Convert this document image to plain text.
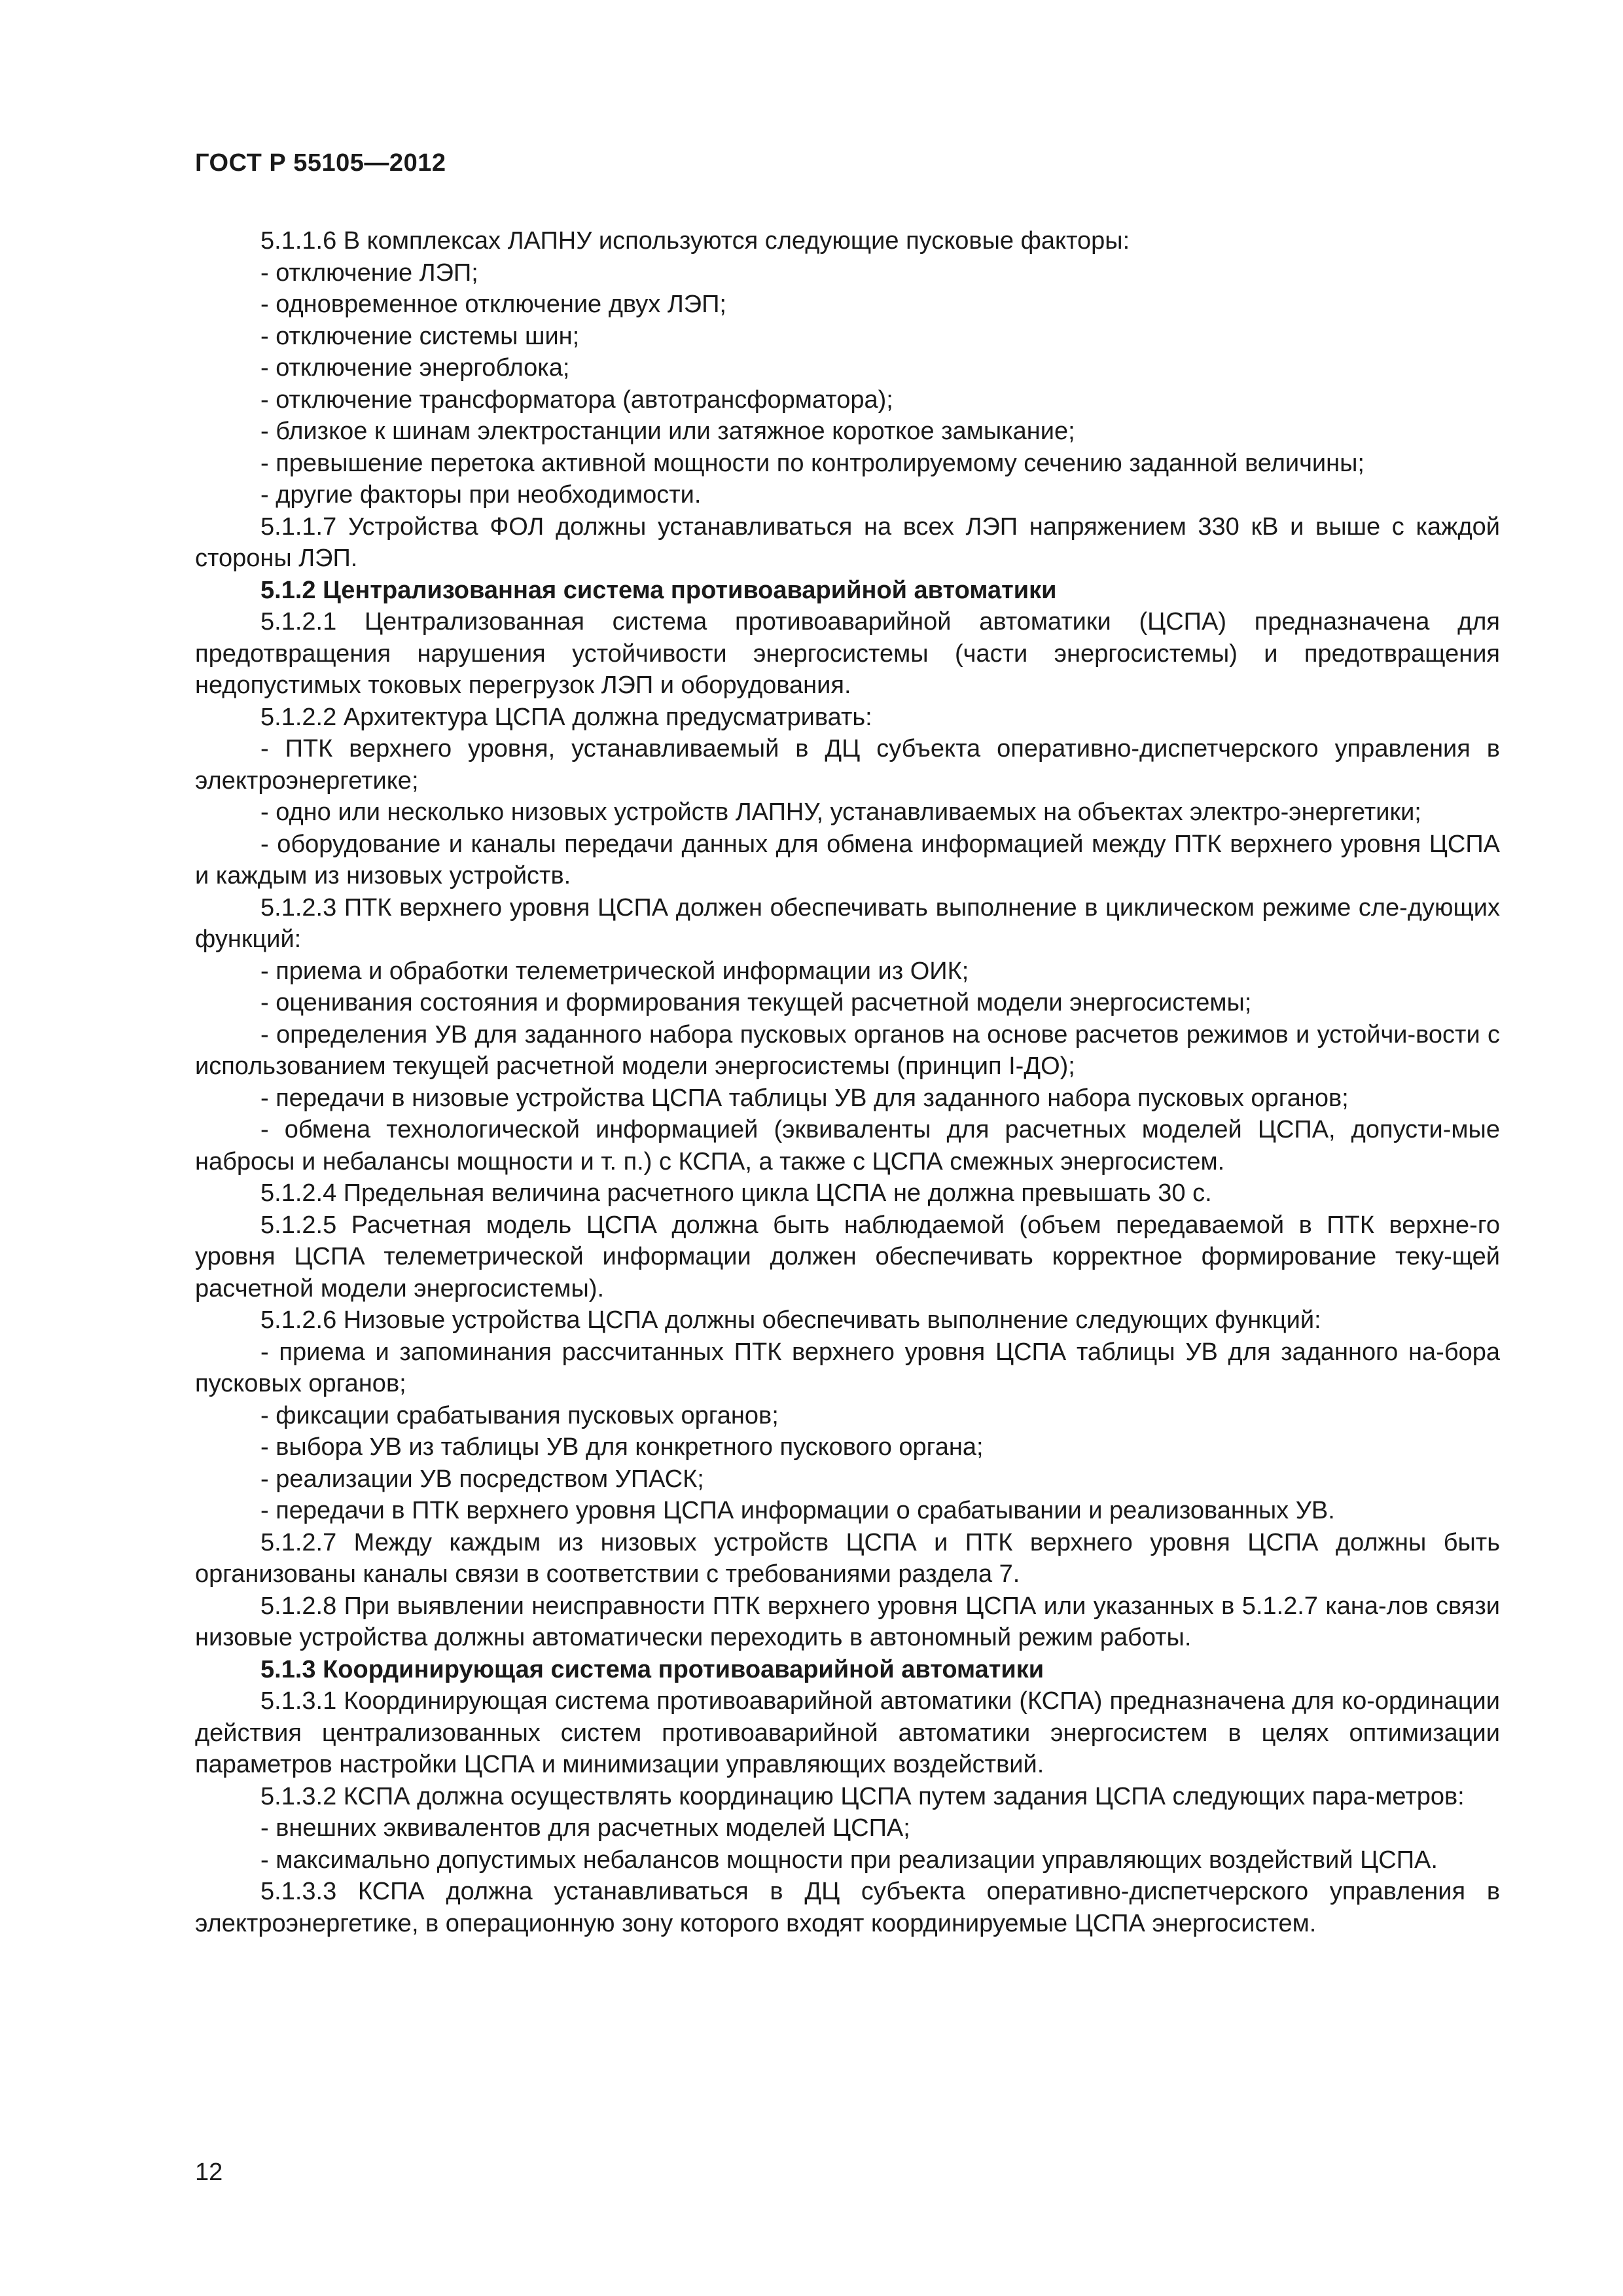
ГОСТ Р 55105—2012

5.1.1.6 В комплексах ЛАПНУ используются следующие пусковые факторы:

- отключение ЛЭП;

- одновременное отключение двух ЛЭП;

- отключение системы шин;

- отключение энергоблока;

- отключение трансформатора (автотрансформатора);

- близкое к шинам электростанции или затяжное короткое замыкание;

- превышение перетока активной мощности по контролируемому сечению заданной величины;

- другие факторы при необходимости.

5.1.1.7 Устройства ФОЛ должны устанавливаться на всех ЛЭП напряжением 330 кВ и выше с каждой стороны ЛЭП.

5.1.2 Централизованная система противоаварийной автоматики

5.1.2.1 Централизованная система противоаварийной автоматики (ЦСПА) предназначена для предотвращения нарушения устойчивости энергосистемы (части энергосистемы) и предотвращения недопустимых токовых перегрузок ЛЭП и оборудования.

5.1.2.2 Архитектура ЦСПА должна предусматривать:

- ПТК верхнего уровня, устанавливаемый в ДЦ субъекта оперативно-диспетчерского управления в электроэнергетике;

- одно или несколько низовых устройств ЛАПНУ, устанавливаемых на объектах электро-энергетики;

- оборудование и каналы передачи данных для обмена информацией между ПТК верхнего уровня ЦСПА и каждым из низовых устройств.

5.1.2.3 ПТК верхнего уровня ЦСПА должен обеспечивать выполнение в циклическом режиме сле-дующих функций:

- приема и обработки телеметрической информации из ОИК;

- оценивания состояния и формирования текущей расчетной модели энергосистемы;

- определения УВ для заданного набора пусковых органов на основе расчетов режимов и устойчи-вости с использованием текущей расчетной модели энергосистемы (принцип I-ДО);

- передачи в низовые устройства ЦСПА таблицы УВ для заданного набора пусковых органов;

- обмена технологической информацией (эквиваленты для расчетных моделей ЦСПА, допусти-мые набросы и небалансы мощности и т. п.) с КСПА, а также с ЦСПА смежных энергосистем.

5.1.2.4 Предельная величина расчетного цикла ЦСПА не должна превышать 30 с.

5.1.2.5 Расчетная модель ЦСПА должна быть наблюдаемой (объем передаваемой в ПТК верхне-го уровня ЦСПА телеметрической информации должен обеспечивать корректное формирование теку-щей расчетной модели энергосистемы).

5.1.2.6 Низовые устройства ЦСПА должны обеспечивать выполнение следующих функций:

- приема и запоминания рассчитанных ПТК верхнего уровня ЦСПА таблицы УВ для заданного на-бора пусковых органов;

- фиксации срабатывания пусковых органов;

- выбора УВ из таблицы УВ для конкретного пускового органа;

- реализации УВ посредством УПАСК;

- передачи в ПТК верхнего уровня ЦСПА информации о срабатывании и реализованных УВ.

5.1.2.7 Между каждым из низовых устройств ЦСПА и ПТК верхнего уровня ЦСПА должны быть организованы каналы связи в соответствии с требованиями раздела 7.

5.1.2.8 При выявлении неисправности ПТК верхнего уровня ЦСПА или указанных в 5.1.2.7 кана-лов связи низовые устройства должны автоматически переходить в автономный режим работы.

5.1.3 Координирующая система противоаварийной автоматики

5.1.3.1 Координирующая система противоаварийной автоматики (КСПА) предназначена для ко-ординации действия централизованных систем противоаварийной автоматики энергосистем в целях оптимизации параметров настройки ЦСПА и минимизации управляющих воздействий.

5.1.3.2 КСПА должна осуществлять координацию ЦСПА путем задания ЦСПА следующих пара-метров:

- внешних эквивалентов для расчетных моделей ЦСПА;

- максимально допустимых небалансов мощности при реализации управляющих воздействий ЦСПА.

5.1.3.3 КСПА должна устанавливаться в ДЦ субъекта оперативно-диспетчерского управления в электроэнергетике, в операционную зону которого входят координируемые ЦСПА энергосистем.

12
